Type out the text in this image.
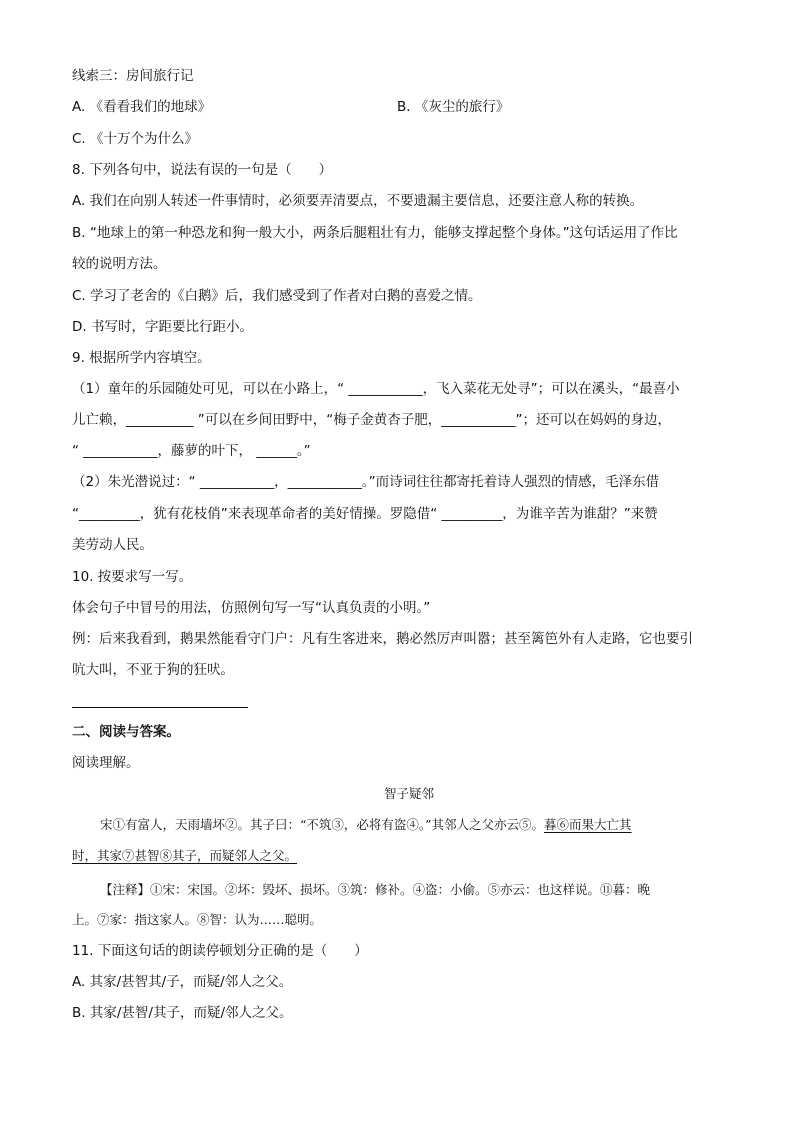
线索三：房间旅行记
A. 《看看我们的地球》	B. 《灰尘的旅行》
C. 《十万个为什么》
8. 下列各句中，说法有误的一句是（　　）
A. 我们在向别人转述一件事情时，必须要弄清要点，不要遗漏主要信息，还要注意人称的转换。
B. “地球上的第一种恐龙和狗一般大小，两条后腿粗壮有力，能够支撑起整个身体。”这句话运用了作比
较的说明方法。
C. 学习了老舍的《白鹅》后，我们感受到了作者对白鹅的喜爱之情。
D. 书写时，字距要比行距小。
9. 根据所学内容填空。
（1）童年的乐园随处可见，可以在小路上，“ ___________，飞入菜花无处寻”；可以在溪头，“最喜小
儿亡赖，__________ ”可以在乡间田野中，“梅子金黄杏子肥，___________”；还可以在妈妈的身边，
“ ___________，藤萝的叶下， ______。”
（2）朱光潜说过：“ ___________，___________。”而诗词往往都寄托着诗人强烈的情感，毛泽东借
“_________，犹有花枝俏”来表现革命者的美好情操。罗隐借“ _________，为谁辛苦为谁甜？”来赞
美劳动人民。
10. 按要求写一写。
体会句子中冒号的用法，仿照例句写一写“认真负责的小明。”
例：后来我看到，鹅果然能看守门户：凡有生客进来，鹅必然厉声叫嚣；甚至篱笆外有人走路，它也要引
吭大叫，不亚于狗的狂吠。
二、阅读与答案。
阅读理解。
智子疑邻
宋①有富人，天雨墙坏②。其子曰：“不筑③，必将有盗④。”其邻人之父亦云⑤。暮⑥而果大亡其
时，其家⑦甚智⑧其子，而疑邻人之父。
【注释】①宋：宋国。②坏：毁坏、损坏。③筑：修补。④盗：小偷。⑤亦云：也这样说。⑪暮：晚
上。⑦家：指这家人。⑧智：认为……聪明。
11. 下面这句话的朗读停顿划分正确的是（　　）
A. 其家/甚智其/子，而疑/邻人之父。
B. 其家/甚智/其子，而疑/邻人之父。
